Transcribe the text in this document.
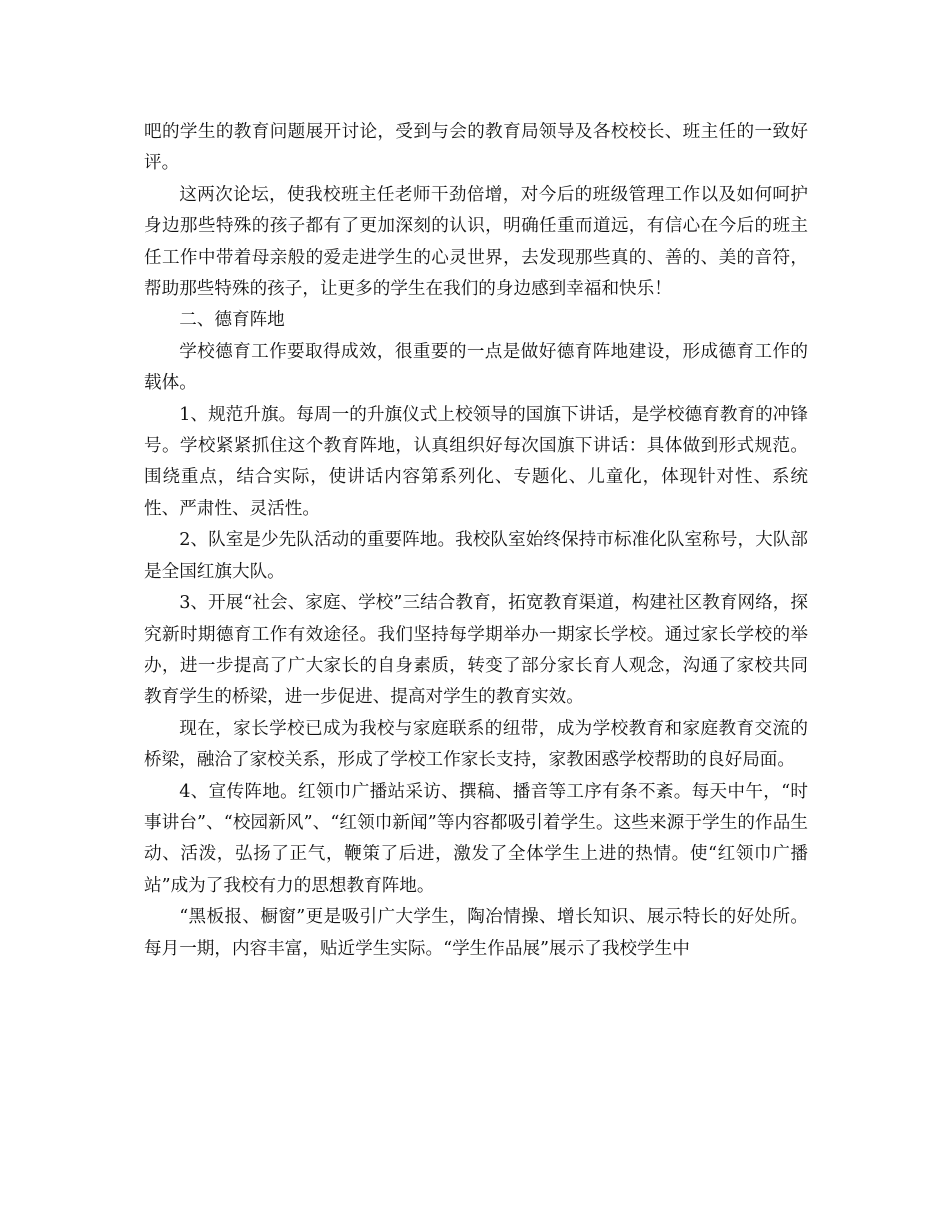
吧的学生的教育问题展开讨论，受到与会的教育局领导及各校校长、班主任的一致好评。

这两次论坛，使我校班主任老师干劲倍增，对今后的班级管理工作以及如何呵护身边那些特殊的孩子都有了更加深刻的认识，明确任重而道远，有信心在今后的班主任工作中带着母亲般的爱走进学生的心灵世界，去发现那些真的、善的、美的音符，帮助那些特殊的孩子，让更多的学生在我们的身边感到幸福和快乐！

二、德育阵地

学校德育工作要取得成效，很重要的一点是做好德育阵地建设，形成德育工作的载体。

1、规范升旗。每周一的升旗仪式上校领导的国旗下讲话，是学校德育教育的冲锋号。学校紧紧抓住这个教育阵地，认真组织好每次国旗下讲话：具体做到形式规范。围绕重点，结合实际，使讲话内容第系列化、专题化、儿童化，体现针对性、系统性、严肃性、灵活性。

2、队室是少先队活动的重要阵地。我校队室始终保持市标准化队室称号，大队部是全国红旗大队。

3、开展“社会、家庭、学校”三结合教育，拓宽教育渠道，构建社区教育网络，探究新时期德育工作有效途径。我们坚持每学期举办一期家长学校。通过家长学校的举办，进一步提高了广大家长的自身素质，转变了部分家长育人观念，沟通了家校共同教育学生的桥梁，进一步促进、提高对学生的教育实效。

现在，家长学校已成为我校与家庭联系的纽带，成为学校教育和家庭教育交流的桥梁，融洽了家校关系，形成了学校工作家长支持，家教困惑学校帮助的良好局面。

4、宣传阵地。红领巾广播站采访、撰稿、播音等工序有条不紊。每天中午，“时事讲台”、“校园新风”、“红领巾新闻”等内容都吸引着学生。这些来源于学生的作品生动、活泼，弘扬了正气，鞭策了后进，激发了全体学生上进的热情。使“红领巾广播站”成为了我校有力的思想教育阵地。

“黑板报、橱窗”更是吸引广大学生，陶冶情操、增长知识、展示特长的好处所。每月一期，内容丰富，贴近学生实际。“学生作品展”展示了我校学生中
